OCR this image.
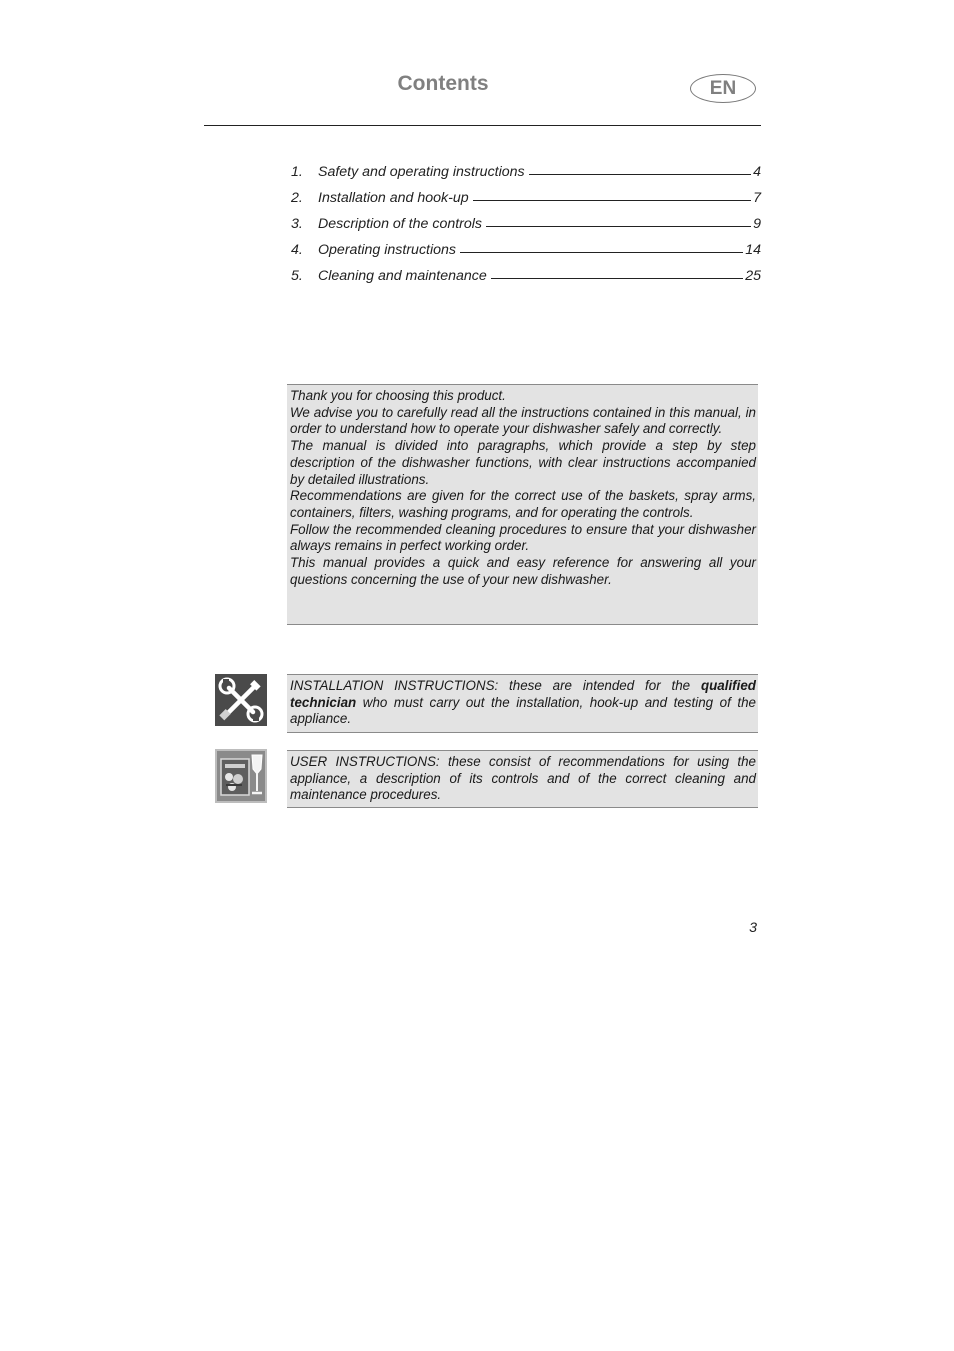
Contents	EN
1.	Safety and operating instructions	4
2.	Installation and hook-up	7
3.	Description of the controls	9
4.	Operating instructions	14
5.	Cleaning and maintenance	25

Thank you for choosing this product.

We advise you to carefully read all the instructions contained in this manual, in order to understand how to operate your dishwasher safely and correctly.

The manual is divided into paragraphs, which provide a step by step description of the dishwasher functions, with clear instructions accompanied by detailed illustrations.

Recommendations are given for the correct use of the baskets, spray arms, containers, filters, washing programs, and for operating the controls.

Follow the recommended cleaning procedures to ensure that your dishwasher always remains in perfect working order.

This manual provides a quick and easy reference for answering all your questions concerning the use of your new dishwasher.

INSTALLATION INSTRUCTIONS: these are intended for the qualified technician who must carry out the installation, hook-up and testing of the appliance.
USER INSTRUCTIONS: these consist of recommendations for using the appliance, a description of its controls and of the correct cleaning and maintenance procedures.
3
